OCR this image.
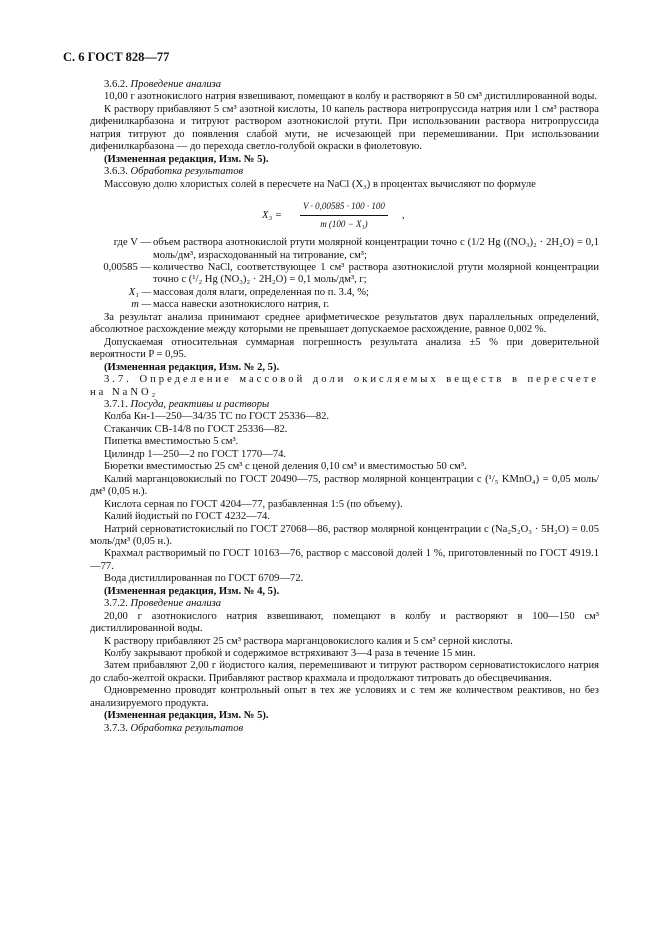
С. 6 ГОСТ 828—77

3.6.2. Проведение анализа

10,00 г азотнокислого натрия взвешивают, помещают в колбу и растворяют в 50 см³ дистиллированной воды.

К раствору прибавляют 5 см³ азотной кислоты, 10 капель раствора нитропруссида натрия или 1 см³ раствора дифенилкарбазона и титруют раствором азотнокислой ртути. При использовании раствора нитропруссида натрия титруют до появления слабой мути, не исчезающей при перемешивании. При использовании дифенилкарбазона — до перехода светло-голубой окраски в фиолетовую.

(Измененная редакция, Изм. № 5).

3.6.3. Обработка результатов

Массовую долю хлористых солей в пересчете на NaCl (X₃) в процентах вычисляют по формуле

$X_3 = \frac{V \cdot 0,00585 \cdot 100 \cdot 100}{\text{m (100 − X₁)}}$ ,
где V — объем раствора азотнокислой ртути молярной концентрации точно c (1/2 Hg ((NO₃)₂ · 2H₂O) = 0,1 моль/дм³, израсходованный на титрование, см³;

0,00585 — количество NaCl, соответствующее 1 см³ раствора азотнокислой ртути молярной концентрации точно c (¹/₂ Hg (NO₃)₂ · 2H₂O) = 0,1 моль/дм³, г;

X₁ — массовая доля влаги, определенная по п. 3.4, %;

m — масса навески азотнокислого натрия, г.

За результат анализа принимают среднее арифметическое результатов двух параллельных определений, абсолютное расхождение между которыми не превышает допускаемое расхождение, равное 0,002 %.

Допускаемая относительная суммарная погрешность результата анализа ±5 % при доверительной вероятности P = 0,95.

(Измененная редакция, Изм. № 2, 5).

3.7. Определение массовой доли окисляемых веществ в пересчете на NaNO₂

3.7.1. Посуда, реактивы и растворы

Колба Кн-1—250—34/35 ТС по ГОСТ 25336—82.

Стаканчик СВ-14/8 по ГОСТ 25336—82.

Пипетка вместимостью 5 см³.

Цилиндр 1—250—2 по ГОСТ 1770—74.

Бюретки вместимостью 25 см³ с ценой деления 0,10 см³ и вместимостью 50 см³.

Калий марганцовокислый по ГОСТ 20490—75, раствор молярной концентрации c (¹/₅ KMnO₄) = 0,05 моль/дм³ (0,05 н.).

Кислота серная по ГОСТ 4204—77, разбавленная 1:5 (по объему).

Калий йодистый по ГОСТ 4232—74.

Натрий серноватистокислый по ГОСТ 27068—86, раствор молярной концентрации c (Na₂S₂O₃ · 5H₂O) = 0.05 моль/дм³ (0,05 н.).

Крахмал растворимый по ГОСТ 10163—76, раствор с массовой долей 1 %, приготовленный по ГОСТ 4919.1—77.

Вода дистиллированная по ГОСТ 6709—72.

(Измененная редакция, Изм. № 4, 5).

3.7.2. Проведение анализа

20,00 г азотнокислого натрия взвешивают, помещают в колбу и растворяют в 100—150 см³ дистиллированной воды.

К раствору прибавляют 25 см³ раствора марганцовокислого калия и 5 см³ серной кислоты.

Колбу закрывают пробкой и содержимое встряхивают 3—4 раза в течение 15 мин.

Затем прибавляют 2,00 г йодистого калия, перемешивают и титруют раствором серноватистокислого натрия до слабо-желтой окраски. Прибавляют раствор крахмала и продолжают титровать до обесцвечивания.

Одновременно проводят контрольный опыт в тех же условиях и с тем же количеством реактивов, но без анализируемого продукта.

(Измененная редакция, Изм. № 5).

3.7.3. Обработка результатов
